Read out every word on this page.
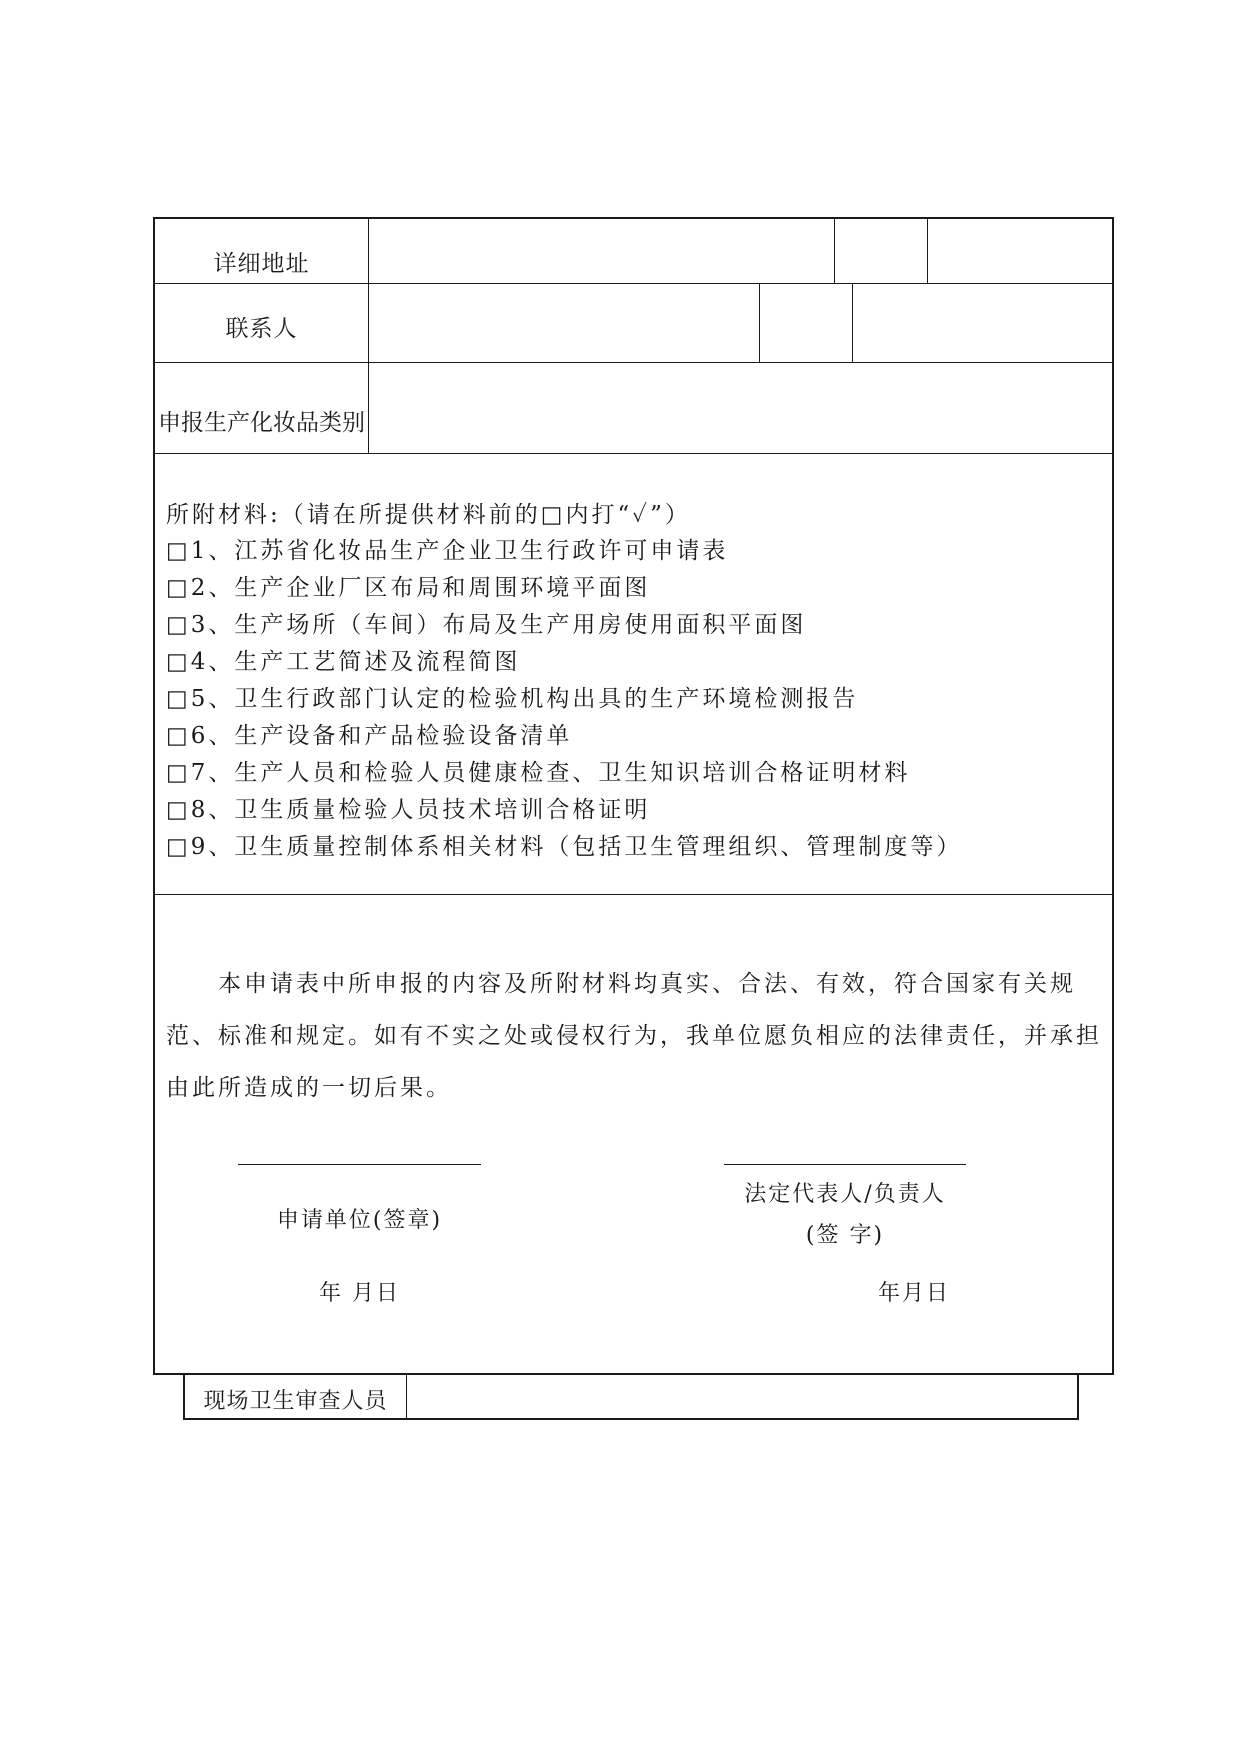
详细地址
联系人
申报生产化妆品类别
所附材料:（请在所提供材料前的□内打“✓”）
□1、江苏省化妆品生产企业卫生行政许可申请表
□2、生产企业厂区布局和周围环境平面图
□3、生产场所（车间）布局及生产用房使用面积平面图
□4、生产工艺简述及流程简图
□5、卫生行政部门认定的检验机构出具的生产环境检测报告
□6、生产设备和产品检验设备清单
□7、生产人员和检验人员健康检查、卫生知识培训合格证明材料
□8、卫生质量检验人员技术培训合格证明
□9、卫生质量控制体系相关材料（包括卫生管理组织、管理制度等）

本申请表中所申报的内容及所附材料均真实、合法、有效，符合国家有关规范、标准和规定。如有不实之处或侵权行为，我单位愿负相应的法律责任，并承担由此所造成的一切后果。

申请单位(签章)
年 月日
法定代表人/负责人
(签 字)
年月日
现场卫生审查人员
